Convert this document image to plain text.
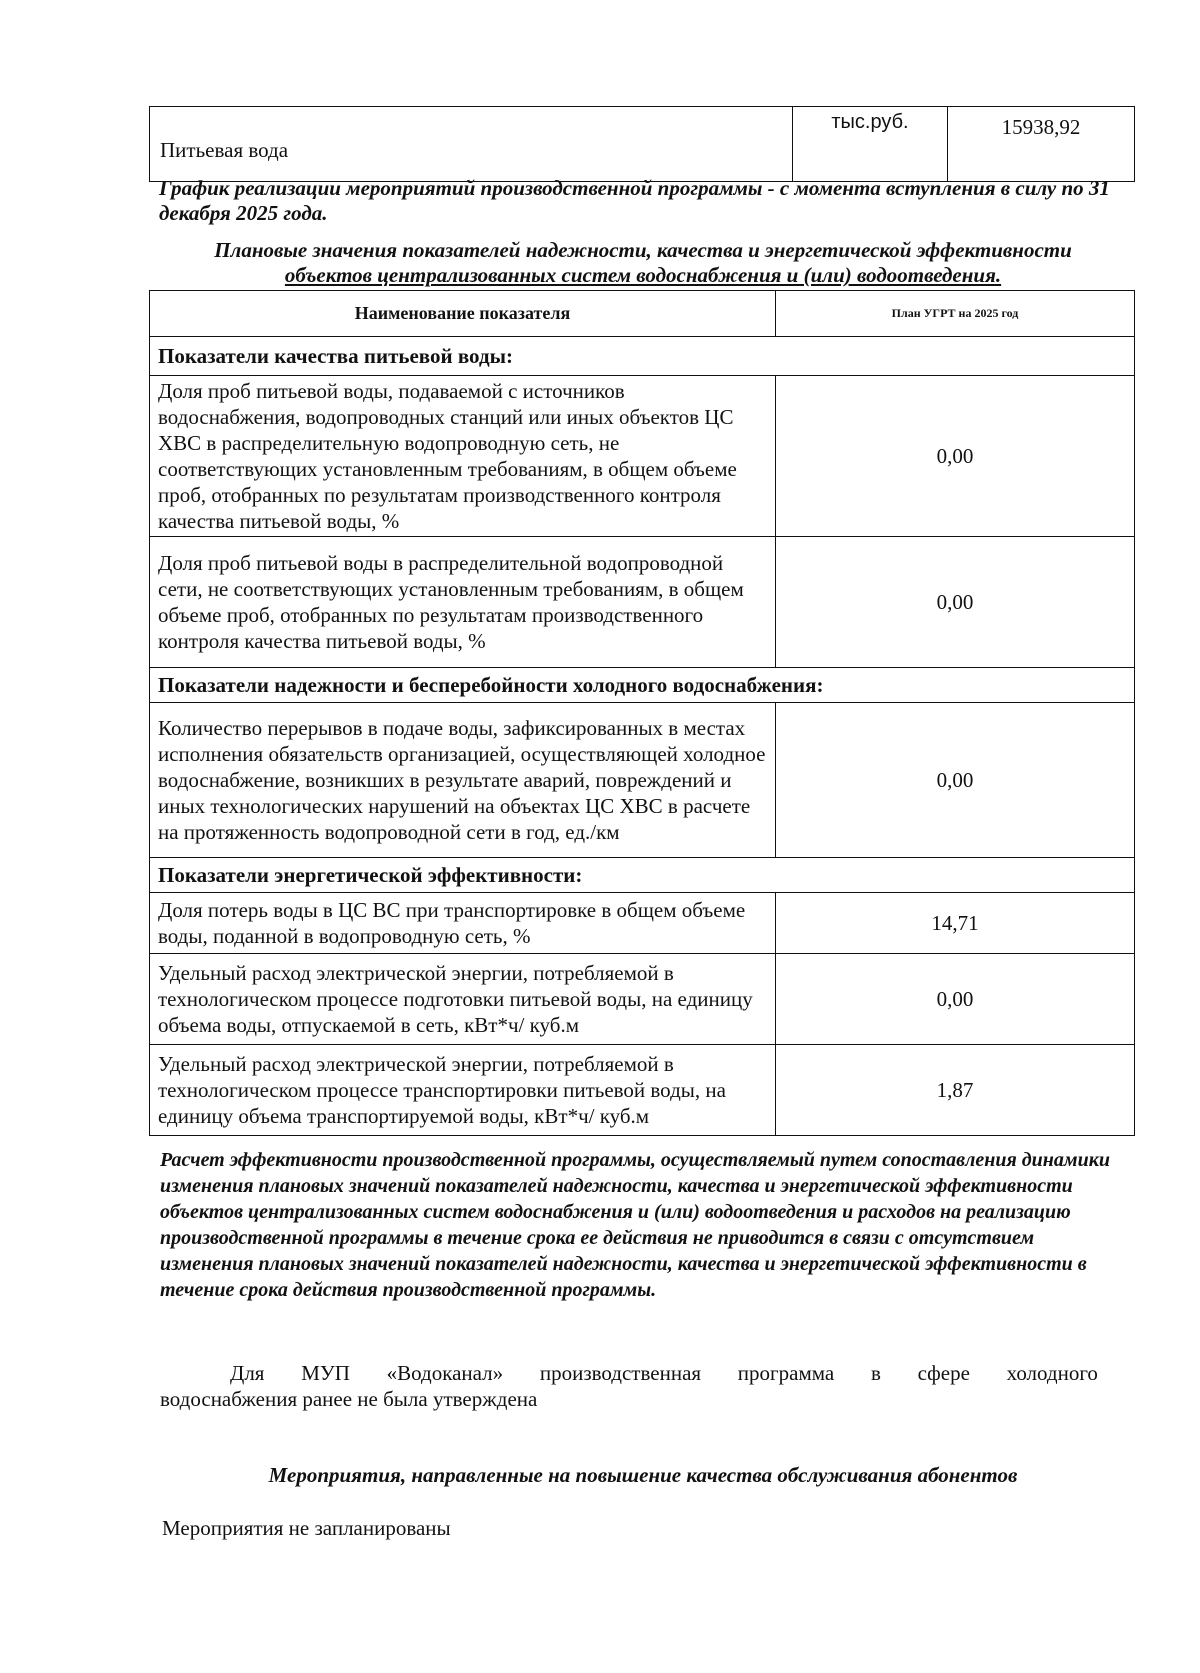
Питьевая вода	тыс.руб.	15938,92
График реализации мероприятий производственной программы - с момента вступления в силу по 31 декабря 2025 года.
Плановые значения показателей надежности, качества и энергетической эффективности
объектов централизованных систем водоснабжения и (или) водоотведения.
Наименование показателя	План УГРТ на 2025 год
Показатели качества питьевой воды:	
Доля проб питьевой воды, подаваемой с источников водоснабжения, водопроводных станций или иных объектов ЦС ХВС в распределительную водопроводную сеть, не соответствующих установленным требованиям, в общем объеме проб, отобранных по результатам производственного контроля качества питьевой воды, %	0,00
Доля проб питьевой воды в распределительной водопроводной сети, не соответствующих установленным требованиям, в общем объеме проб, отобранных по результатам производственного контроля качества питьевой воды, %	0,00
Показатели надежности и бесперебойности холодного водоснабжения:	
Количество перерывов в подаче воды, зафиксированных в местах исполнения обязательств организацией, осуществляющей холодное водоснабжение, возникших в результате аварий, повреждений и иных технологических нарушений на объектах ЦС ХВС в расчете на протяженность водопроводной сети в год, ед./км	0,00
Показатели энергетической эффективности:	
Доля потерь воды в ЦС ВС при транспортировке в общем объеме воды, поданной в водопроводную сеть, %	14,71
Удельный расход электрической энергии, потребляемой в технологическом процессе подготовки питьевой воды, на единицу объема воды, отпускаемой в сеть, кВт*ч/ куб.м	0,00
Удельный расход электрической энергии, потребляемой в технологическом процессе транспортировки питьевой воды, на единицу объема транспортируемой воды, кВт*ч/ куб.м	1,87
Расчет эффективности производственной программы, осуществляемый путем сопоставления динамики изменения плановых значений показателей надежности, качества и энергетической эффективности объектов централизованных систем водоснабжения и (или) водоотведения и расходов на реализацию производственной программы в течение срока ее действия не приводится в связи с отсутствием изменения плановых значений показателей надежности, качества и энергетической эффективности в течение срока действия производственной программы.
Для МУП «Водоканал» производственная программа в сфере холодного
водоснабжения ранее не была утверждена
Мероприятия, направленные на повышение качества обслуживания абонентов
Мероприятия не запланированы
